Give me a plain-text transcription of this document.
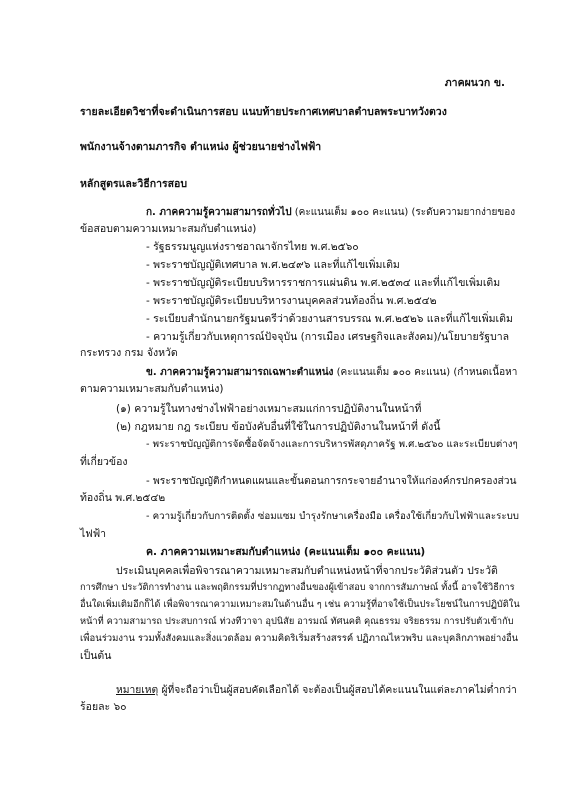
ภาคผนวก ข.

รายละเอียดวิชาที่จะดำเนินการสอบ แนบท้ายประกาศเทศบาลตำบลพระบาทวังตวง

พนักงานจ้างตามภารกิจ ตำแหน่ง ผู้ช่วยนายช่างไฟฟ้า

หลักสูตรและวิธีการสอบ

ก. ภาคความรู้ความสามารถทั่วไป (คะแนนเต็ม ๑๐๐ คะแนน) (ระดับความยากง่ายของ

ข้อสอบตามความเหมาะสมกับตำแหน่ง)

- รัฐธรรมนูญแห่งราชอาณาจักรไทย พ.ศ.๒๕๖๐

- พระราชบัญญัติเทศบาล พ.ศ.๒๔๙๖ และที่แก้ไขเพิ่มเติม

- พระราชบัญญัติระเบียบบริหารราชการแผ่นดิน พ.ศ.๒๕๓๔ และที่แก้ไขเพิ่มเติม

- พระราชบัญญัติระเบียบบริหารงานบุคคลส่วนท้องถิ่น พ.ศ.๒๕๔๒

- ระเบียบสำนักนายกรัฐมนตรีว่าด้วยงานสารบรรณ พ.ศ.๒๕๒๖ และที่แก้ไขเพิ่มเติม

- ความรู้เกี่ยวกับเหตุการณ์ปัจจุบัน (การเมือง เศรษฐกิจและสังคม)/นโยบายรัฐบาล

กระทรวง กรม จังหวัด

ข. ภาคความรู้ความสามารถเฉพาะตำแหน่ง (คะแนนเต็ม ๑๐๐ คะแนน) (กำหนดเนื้อหา

ตามความเหมาะสมกับตำแหน่ง)

(๑) ความรู้ในทางช่างไฟฟ้าอย่างเหมาะสมแก่การปฏิบัติงานในหน้าที่

(๒) กฎหมาย กฎ ระเบียบ ข้อบังคับอื่นที่ใช้ในการปฏิบัติงานในหน้าที่ ดังนี้

- พระราชบัญญัติการจัดซื้อจัดจ้างและการบริหารพัสดุภาครัฐ พ.ศ.๒๕๖๐ และระเบียบต่างๆ

ที่เกี่ยวข้อง

- พระราชบัญญัติกำหนดแผนและขั้นตอนการกระจายอำนาจให้แก่องค์กรปกครองส่วน

ท้องถิ่น พ.ศ.๒๕๔๒

- ความรู้เกี่ยวกับการติดตั้ง ซ่อมแซม บำรุงรักษาเครื่องมือ เครื่องใช้เกี่ยวกับไฟฟ้าและระบบ

ไฟฟ้า

ค. ภาคความเหมาะสมกับตำแหน่ง (คะแนนเต็ม ๑๐๐ คะแนน)

ประเมินบุคคลเพื่อพิจารณาความเหมาะสมกับตำแหน่งหน้าที่จากประวัติส่วนตัว ประวัติ

การศึกษา ประวัติการทำงาน และพฤติกรรมที่ปรากฏทางอื่นของผู้เข้าสอบ จากการสัมภาษณ์ ทั้งนี้ อาจใช้วิธีการ

อื่นใดเพิ่มเติมอีกก็ได้ เพื่อพิจารณาความเหมาะสมในด้านอื่น ๆ เช่น ความรู้ที่อาจใช้เป็นประโยชน์ในการปฏิบัติใน

หน้าที่ ความสามารถ ประสบการณ์ ท่วงทีวาจา อุปนิสัย อารมณ์ ทัศนคติ คุณธรรม จริยธรรม การปรับตัวเข้ากับ

เพื่อนร่วมงาน รวมทั้งสังคมและสิ่งแวดล้อม ความคิดริเริ่มสร้างสรรค์ ปฏิภาณไหวพริบ และบุคลิกภาพอย่างอื่น

เป็นต้น

หมายเหตุ ผู้ที่จะถือว่าเป็นผู้สอบคัดเลือกได้ จะต้องเป็นผู้สอบได้คะแนนในแต่ละภาคไม่ต่ำกว่า

ร้อยละ ๖๐
